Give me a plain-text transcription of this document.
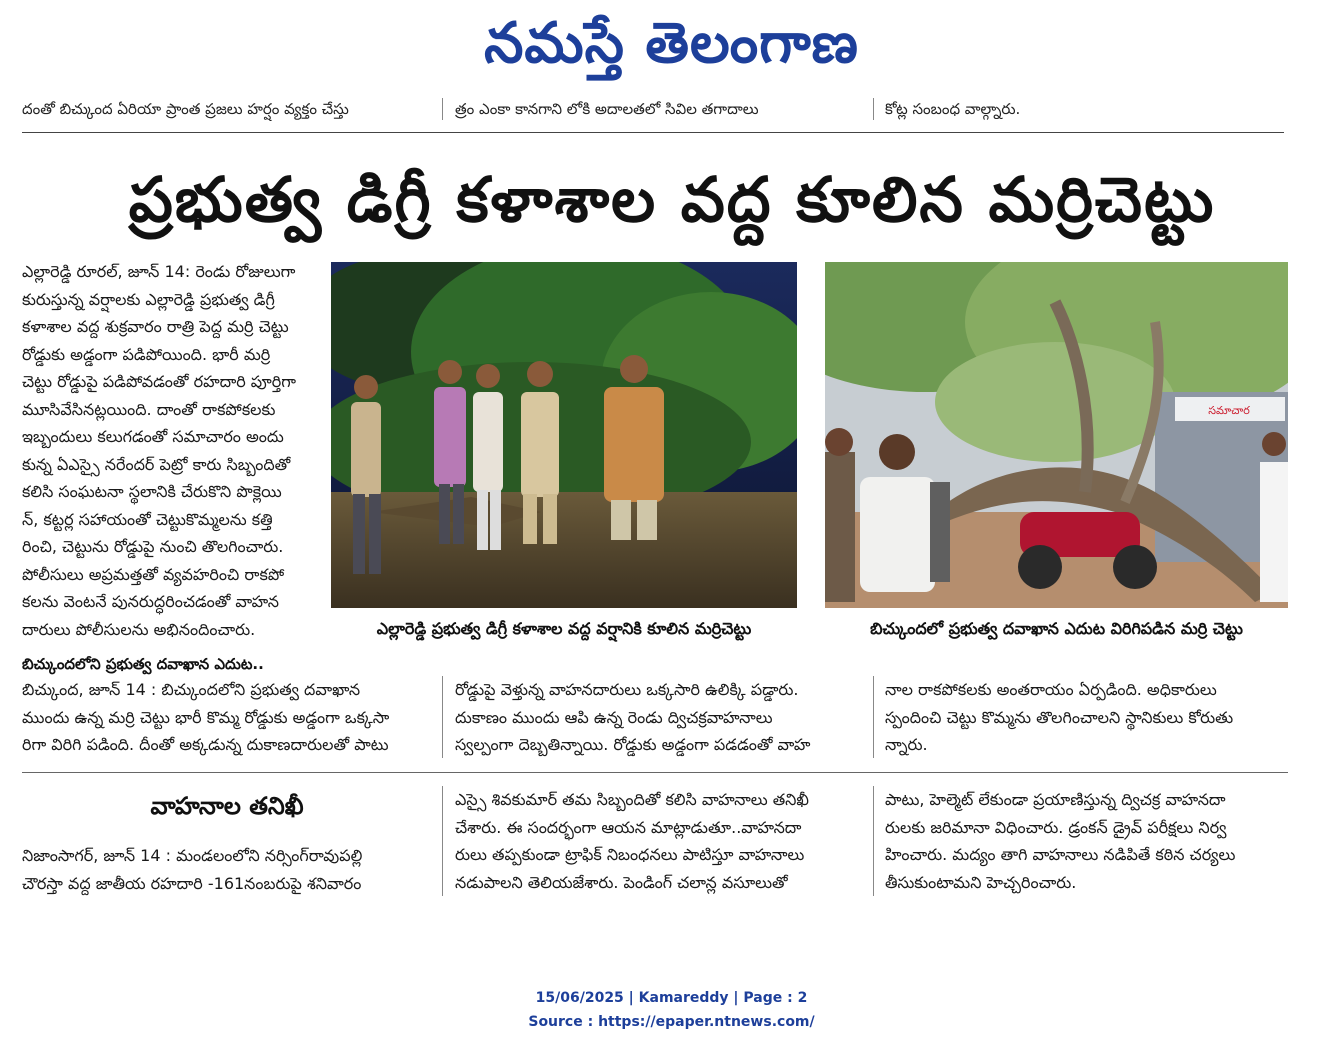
నమస్తే తెలంగాణ
దంతో బిచ్కుంద ఏరియా ప్రాంత ప్రజలు హర్షం వ్యక్తం చేస్తు	త్రం ఎంకా కానగాని లోకి అదాలతలో సివిల తగాదాలు	కోట్ల సంబంధ వాల్గ్నారు.
ప్రభుత్వ డిగ్రీ కళాశాల వద్ద కూలిన మర్రిచెట్టు

ఎల్లారెడ్డి రూరల్, జూన్ 14: రెండు రోజులుగా

కురుస్తున్న వర్షాలకు ఎల్లారెడ్డి ప్రభుత్వ డిగ్రీ

కళాశాల వద్ద శుక్రవారం రాత్రి పెద్ద మర్రి చెట్టు

రోడ్డుకు అడ్డంగా పడిపోయింది. భారీ మర్రి

చెట్టు రోడ్డుపై పడిపోవడంతో రహదారి పూర్తిగా

మూసివేసినట్లయింది. దాంతో రాకపోకలకు

ఇబ్బందులు కలుగడంతో సమాచారం అందు

కున్న ఏఎస్సై నరేందర్ పెట్రో కారు సిబ్బందితో

కలిసి సంఘటనా స్థలానికి చేరుకొని పొక్లెయి

న్, కట్టర్ల సహాయంతో చెట్టుకొమ్మలను కత్తి

రించి, చెట్టును రోడ్డుపై నుంచి తొలగించారు.

పోలీసులు అప్రమత్తతో వ్యవహరించి రాకపో

కలను వెంటనే పునరుద్ధరించడంతో వాహన

దారులు పోలీసులను అభినందించారు.	ఎల్లారెడ్డి ప్రభుత్వ డిగ్రీ కళాశాల వద్ద వర్షానికి కూలిన మర్రిచెట్టు
సమాచార
బిచ్కుందలో ప్రభుత్వ దవాఖాన ఎదుట విరిగిపడిన మర్రి చెట్టు
బిచ్కుందలోని ప్రభుత్వ దవాఖాన ఎదుట..

బిచ్కుంద, జూన్ 14 : బిచ్కుందలోని ప్రభుత్వ దవాఖాన

ముందు ఉన్న మర్రి చెట్టు భారీ కొమ్మ రోడ్డుకు అడ్డంగా ఒక్కసా

రిగా విరిగి పడింది. దీంతో అక్కడున్న దుకాణదారులతో పాటు

రోడ్డుపై వెళ్తున్న వాహనదారులు ఒక్కసారి ఉలిక్కి పడ్డారు.

దుకాణం ముందు ఆపి ఉన్న రెండు ద్విచక్రవాహనాలు

స్వల్పంగా దెబ్బతిన్నాయి. రోడ్డుకు అడ్డంగా పడడంతో వాహ

నాల రాకపోకలకు అంతరాయం ఏర్పడింది. అధికారులు

స్పందించి చెట్టు కొమ్మను తొలగించాలని స్థానికులు కోరుతు

న్నారు.

వాహనాల తనిఖీ

నిజాంసాగర్, జూన్ 14 : మండలంలోని నర్సింగ్‌రావుపల్లి

చౌరస్తా వద్ద జాతీయ రహదారి -161నంబరుపై శనివారం

ఎస్సై శివకుమార్ తమ సిబ్బందితో కలిసి వాహనాలు తనిఖీ

చేశారు. ఈ సందర్భంగా ఆయన మాట్లాడుతూ..వాహనదా

రులు తప్పకుండా ట్రాఫిక్ నిబంధనలు పాటిస్తూ వాహనాలు

నడుపాలని తెలియజేశారు. పెండింగ్ చలాన్ల వసూలుతో

పాటు, హెల్మెట్ లేకుండా ప్రయాణిస్తున్న ద్విచక్ర వాహనదా

రులకు జరిమానా విధించారు. డ్రంకన్ డ్రైవ్ పరీక్షలు నిర్వ

హించారు. మద్యం తాగి వాహనాలు నడిపితే కఠిన చర్యలు

తీసుకుంటామని హెచ్చరించారు.

15/06/2025 | Kamareddy | Page : 2
Source : https://epaper.ntnews.com/
